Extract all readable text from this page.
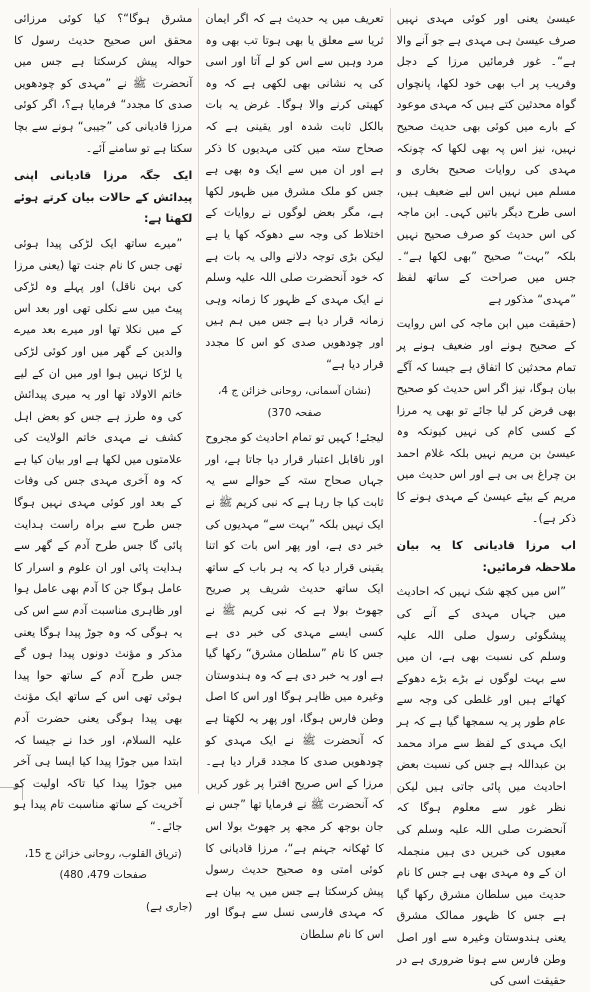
عیسیٰ یعنی اور کوئی مہدی نہیں صرف عیسیٰ ہی مہدی ہے جو آنے والا ہے“۔ غور فرمائیں مرزا کے دجل وفریب پر اب بھی خود لکھا، پانچواں گواہ محدثین کتے ہیں کہ مہدی موعود کے بارے میں کوئی بھی حدیث صحیح نہیں، نیز اس پہ بھی لکھا کہ چونکہ مہدی کی روایات صحیح بخاری و مسلم میں نہیں اس لیے ضعیف ہیں، اسی طرح دیگر باتیں کہی۔ ابن ماجہ کی اس حدیث کو صرف صحیح نہیں بلکہ ”بہت“ صحیح ”بھی لکھا ہے“۔ جس میں صراحت کے ساتھ لفظ ”مہدی“ مذکور ہے

(حقیقت میں ابن ماجہ کی اس روایت کے صحیح ہونے اور ضعیف ہونے پر تمام محدثین کا اتفاق ہے جیسا کہ آگے بیان ہوگا، نیز اگر اس حدیث کو صحیح بھی فرض کر لیا جائے تو بھی یہ مرزا کے کسی کام کی نہیں کیونکہ وہ عیسیٰ بن مریم نہیں بلکہ غلام احمد بن چراغ بی بی ہے اور اس حدیث میں مریم کے بیٹے عیسیٰ کے مہدی ہونے کا ذکر ہے)۔

اب مرزا قادیانی کا یہ بیان ملاحظہ فرمائیں:

”اس میں کچھ شک نہیں کہ احادیث میں جہاں مہدی کے آنے کی پیشگوئی رسول صلی اللہ علیہ وسلم کی نسبت بھی ہے، ان میں سے بہت لوگوں نے بڑے بڑے دھوکے کھائے ہیں اور غلطی کی وجہ سے عام طور پر یہ سمجھا گیا ہے کہ ہر ایک مہدی کے لفظ سے مراد محمد بن عبداللہ ہے جس کی نسبت بعض احادیث میں پائی جاتی ہیں لیکن نظر غور سے معلوم ہوگا کہ آنحضرت صلی اللہ علیہ وسلم کی معیوں کی خبریں دی ہیں منجملہ ان کے وہ مہدی بھی ہے جس کا نام حدیث میں سلطان مشرق رکھا گیا ہے جس کا ظہور ممالک مشرق یعنی ہندوستان وغیرہ سے اور اصل وطن فارس سے ہونا ضروری ہے در حقیقت اسی کی

تعریف میں یہ حدیث ہے کہ اگر ایمان ثریا سے معلق یا بھی ہوتا تب بھی وہ مرد وہیں سے اس کو لے آتا اور اسی کی یہ نشانی بھی لکھی ہے کہ وہ کھیتی کرنے والا ہوگا۔ غرض یہ بات بالکل ثابت شدہ اور یقینی ہے کہ صحاح ستہ میں کئی مہدیوں کا ذکر ہے اور ان میں سے ایک وہ بھی ہے جس کو ملک مشرق میں ظہور لکھا ہے، مگر بعض لوگوں نے روایات کے اختلاط کی وجہ سے دھوکہ کھا یا ہے لیکن بڑی توجہ دلانے والی یہ بات ہے کہ خود آنحضرت صلی اللہ علیہ وسلم نے ایک مہدی کے ظہور کا زمانہ وہی زمانہ قرار دیا ہے جس میں ہم ہیں اور چودھویں صدی کو اس کا مجدد قرار دیا ہے“

(نشان آسمانی، روحانی خزائن ج 4، صفحہ 370)

لیجئے! کہیں تو تمام احادیث کو مجروح اور ناقابل اعتبار قرار دیا جاتا ہے، اور جہاں صحاح ستہ کے حوالے سے یہ ثابت کیا جا رہا ہے کہ نبی کریم ﷺ نے ایک نہیں بلکہ ”بہت سے“ مہدیوں کی خبر دی ہے، اور پھر اس بات کو اتنا یقینی قرار دیا کہ یہ ہر باب کے ساتھ ایک ساتھ حدیث شریف پر صریح جھوٹ بولا ہے کہ نبی کریم ﷺ نے کسی ایسے مہدی کی خبر دی ہے جس کا نام ”سلطان مشرق“ رکھا گیا ہے اور یہ خبر دی ہے کہ وہ ہندوستان وغیرہ میں ظاہر ہوگا اور اس کا اصل وطن فارس ہوگا، اور پھر یہ لکھتا ہے کہ آنحضرت ﷺ نے ایک مہدی کو چودھویں صدی کا مجدد قرار دیا ہے۔ مرزا کے اس صریح افترا پر غور کریں کہ آنحضرت ﷺ نے فرمایا تھا ”جس نے جان بوجھ کر مجھ پر جھوٹ بولا اس کا ٹھکانہ جہنم ہے“، مرزا قادیانی کا کوئی امتی وہ صحیح حدیث رسول پیش کرسکتا ہے جس میں یہ بیان ہے کہ مہدی فارسی نسل سے ہوگا اور اس کا نام سلطان

مشرق ہوگا“؟ کیا کوئی مرزائی محقق اس صحیح حدیث رسول کا حوالہ پیش کرسکتا ہے جس میں آنحضرت ﷺ نے ”مہدی کو چودھویں صدی کا مجدد“ فرمایا ہے؟، اگر کوئی مرزا قادیانی کی ”جیبی“ ہونے سے بچا سکتا ہے تو سامنے آئے۔

ایک جگہ مرزا قادیانی اپنی پیدائش کے حالات بیان کرتے ہوئے لکھتا ہے:

”میرے ساتھ ایک لڑکی پیدا ہوئی تھی جس کا نام جنت تھا (یعنی مرزا کی بہن ناقل) اور پہلے وہ لڑکی پیٹ میں سے نکلی تھی اور بعد اس کے میں نکلا تھا اور میرے بعد میرے والدین کے گھر میں اور کوئی لڑکی یا لڑکا نہیں ہوا اور میں ان کے لیے خاتم الاولاد تھا اور یہ میری پیدائش کی وہ طرز ہے جس کو بعض اہل کشف نے مہدی خاتم الولایت کی علامتوں میں لکھا ہے اور بیان کیا ہے کہ وہ آخری مہدی جس کی وفات کے بعد اور کوئی مہدی نہیں ہوگا جس طرح سے براہ راست ہدایت پائی گا جس طرح آدم کے گھر سے ہدایت پائی اور ان علوم و اسرار کا عامل ہوگا جن کا آدم بھی عامل ہوا اور ظاہری مناسبت آدم سے اس کی یہ ہوگی کہ وہ جوڑ پیدا ہوگا یعنی مذکر و مؤنث دونوں پیدا ہوں گے جس طرح آدم کے ساتھ حوا پیدا ہوئی تھی اس کے ساتھ ایک مؤنث بھی پیدا ہوگی یعنی حضرت آدم علیہ السلام، اور خدا نے جیسا کہ ابتدا میں جوڑا پیدا کیا ایسا ہی آخر میں جوڑا پیدا کیا تاکہ اولیت کو آخریت کے ساتھ مناسبت تام پیدا ہو جائے۔“

(تریاق القلوب، روحانی خزائن ج 15، صفحات 479، 480)

(جاری ہے)
